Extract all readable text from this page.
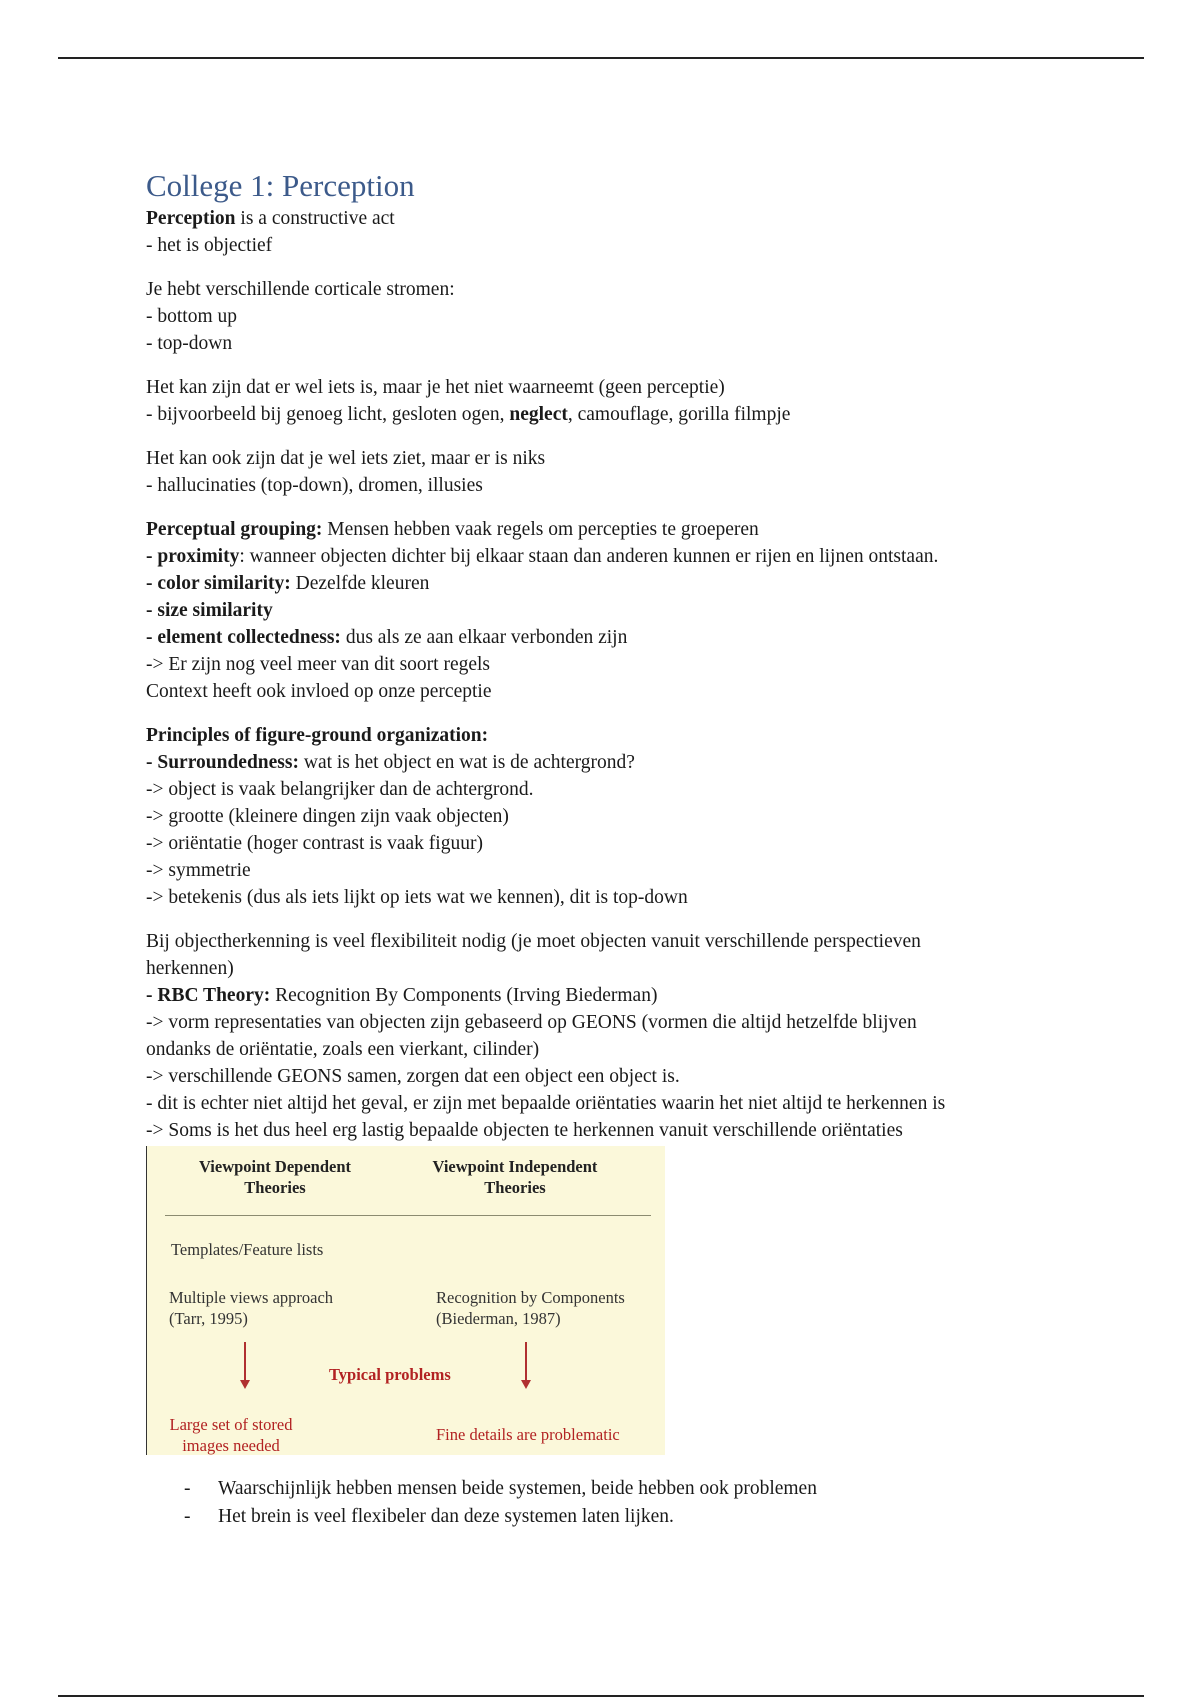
College 1: Perception

Perception is a constructive act
- het is objectief

Je hebt verschillende corticale stromen:
- bottom up
- top-down

Het kan zijn dat er wel iets is, maar je het niet waarneemt (geen perceptie)
- bijvoorbeeld bij genoeg licht, gesloten ogen, neglect, camouflage, gorilla filmpje

Het kan ook zijn dat je wel iets ziet, maar er is niks
- hallucinaties (top-down), dromen, illusies

Perceptual grouping: Mensen hebben vaak regels om percepties te groeperen
- proximity: wanneer objecten dichter bij elkaar staan dan anderen kunnen er rijen en lijnen ontstaan.
- color similarity: Dezelfde kleuren
- size similarity
- element collectedness: dus als ze aan elkaar verbonden zijn
-> Er zijn nog veel meer van dit soort regels
Context heeft ook invloed op onze perceptie

Principles of figure-ground organization:
- Surroundedness: wat is het object en wat is de achtergrond?
-> object is vaak belangrijker dan de achtergrond.
-> grootte (kleinere dingen zijn vaak objecten)
-> oriëntatie (hoger contrast is vaak figuur)
-> symmetrie
-> betekenis (dus als iets lijkt op iets wat we kennen), dit is top-down

Bij objectherkenning is veel flexibiliteit nodig (je moet objecten vanuit verschillende perspectieven
herkennen)
- RBC Theory: Recognition By Components (Irving Biederman)
-> vorm representaties van objecten zijn gebaseerd op GEONS (vormen die altijd hetzelfde blijven
ondanks de oriëntatie, zoals een vierkant, cilinder)
-> verschillende GEONS samen, zorgen dat een object een object is.
- dit is echter niet altijd het geval, er zijn met bepaalde oriëntaties waarin het niet altijd te herkennen is
-> Soms is het dus heel erg lastig bepaalde objecten te herkennen vanuit verschillende oriëntaties

Viewpoint Dependent
Theories
Viewpoint Independent
Theories
Templates/Feature lists
Multiple views approach
(Tarr, 1995)
Recognition by Components
(Biederman, 1987)
Typical problems
Large set of stored
images needed
Fine details are problematic
- Waarschijnlijk hebben mensen beide systemen, beide hebben ook problemen
- Het brein is veel flexibeler dan deze systemen laten lijken.
